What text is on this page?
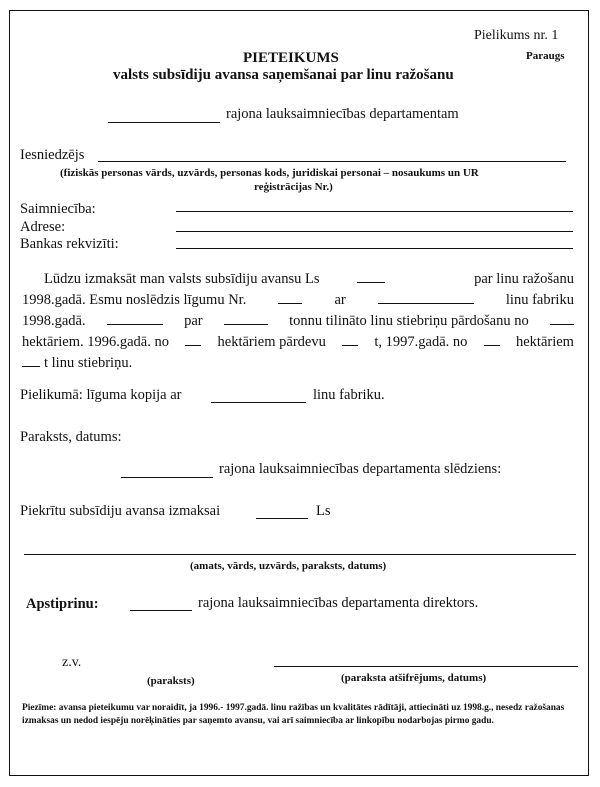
Pielikums nr. 1
Paraugs
PIETEIKUMS
valsts subsīdiju avansa saņemšanai par linu ražošanu
rajona lauksaimniecības departamentam
Iesniedzējs
(fiziskās personas vārds, uzvārds, personas kods, juridiskai personai – nosaukums un UR
reģistrācijas Nr.)
Saimniecība:
Adrese:
Bankas rekvizīti:
Lūdzu izmaksāt man valsts subsīdiju avansu Ls	par linu ražošanu
1998.gadā. Esmu noslēdzis līgumu Nr.	ar	linu fabriku
1998.gadā.	par	tonnu tilināto linu stiebriņu pārdošanu no
hektāriem. 1996.gadā. no	hektāriem pārdevu	t, 1997.gadā. no	hektāriem
t linu stiebriņu.
Pielikumā: līguma kopija ar	linu fabriku.
Paraksts, datums:
rajona lauksaimniecības departamenta slēdziens:
Piekrītu subsīdiju avansa izmaksai	Ls
(amats, vārds, uzvārds, paraksts, datums)
Apstiprinu:	rajona lauksaimniecības departamenta direktors.
z.v.
(paraksts)	(paraksta atšifrējums, datums)
Piezīme: avansa pieteikumu var noraidīt, ja 1996.- 1997.gadā. linu ražības un kvalitātes rādītāji, attiecināti uz 1998.g., nesedz ražošanas izmaksas un nedod iespēju norēķināties par saņemto avansu, vai arī saimniecība ar linkopību nodarbojas pirmo gadu.
